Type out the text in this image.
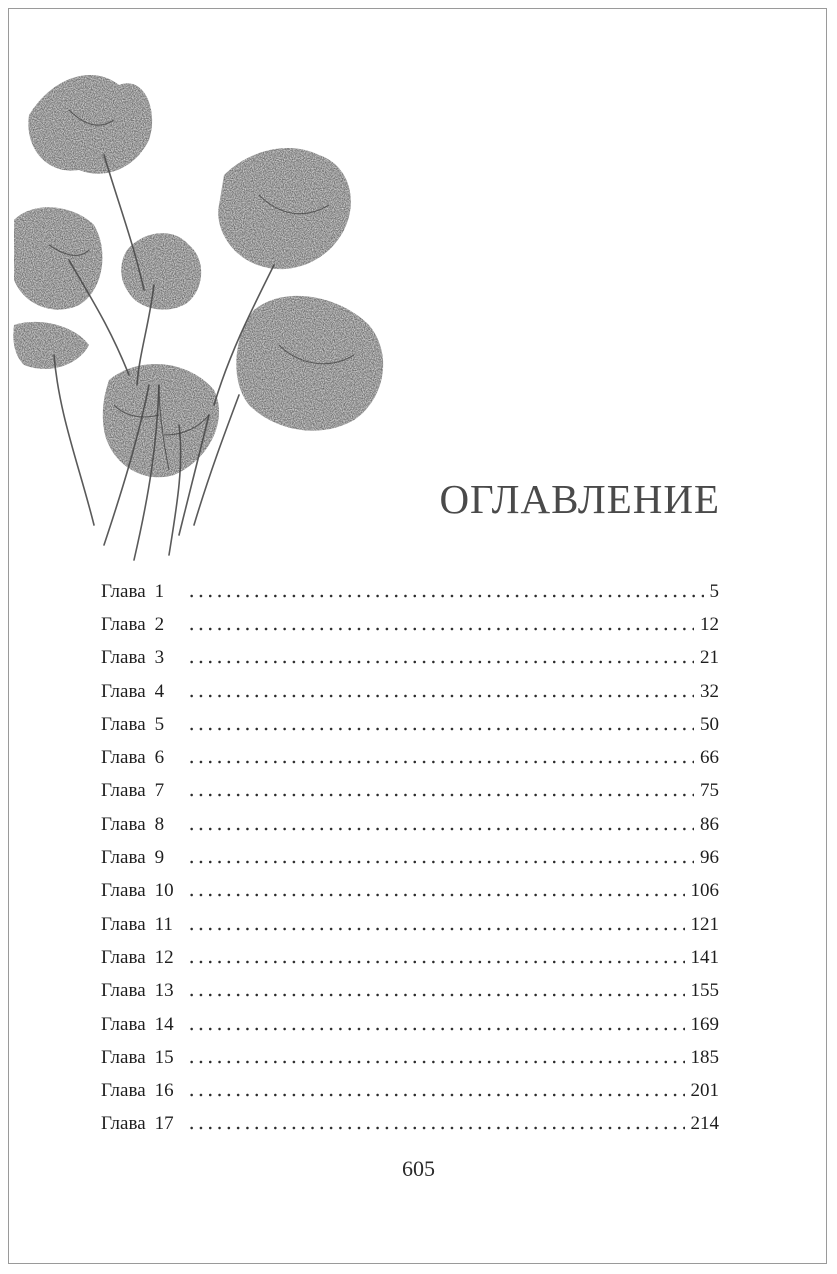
ОГЛАВЛЕНИЕ
Глава 1	5
Глава 2	12
Глава 3	21
Глава 4	32
Глава 5	50
Глава 6	66
Глава 7	75
Глава 8	86
Глава 9	96
Глава 10	106
Глава 11	121
Глава 12	141
Глава 13	155
Глава 14	169
Глава 15	185
Глава 16	201
Глава 17	214
605
